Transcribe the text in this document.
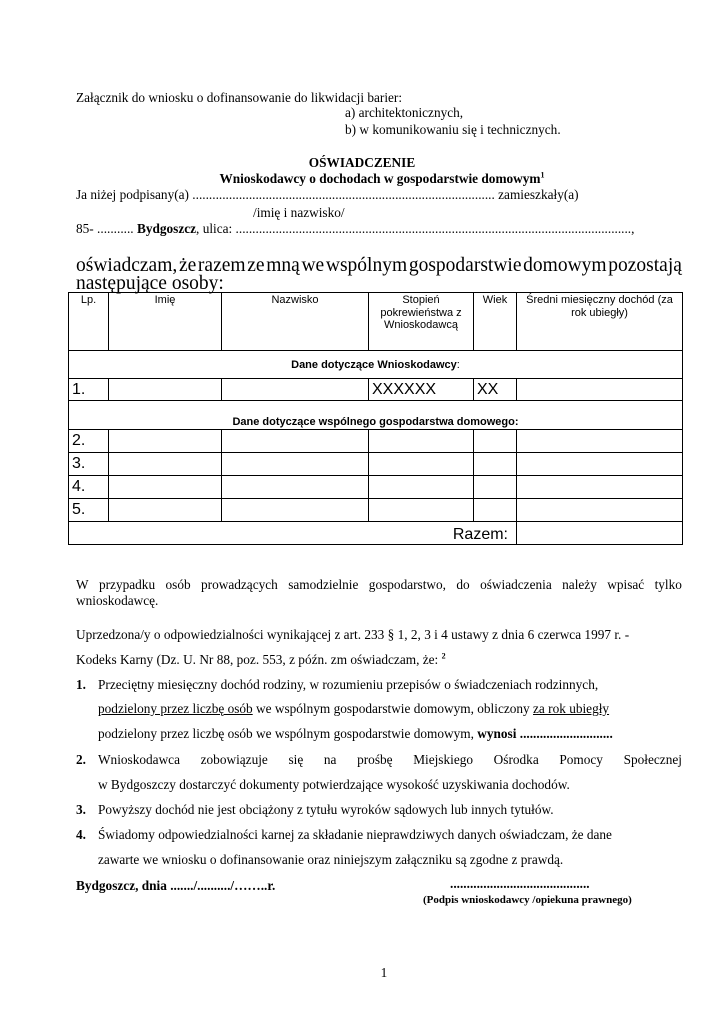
Załącznik do wniosku o dofinansowanie do likwidacji barier:
a) architektonicznych,
b) w komunikowaniu się i technicznych.
OŚWIADCZENIE
Wnioskodawcy o dochodach w gospodarstwie domowym$^1$
Ja niżej podpisany(a) ........................................................................................... zamieszkały(a)
/imię i nazwisko/
85- ........... Bydgoszcz, ulica: .......................................................................................................................,
oświadczam, że razem ze mną we wspólnym gospodarstwie domowym pozostają
następujące osoby:
Lp.	Imię	Nazwisko	Stopień pokrewieństwa z Wnioskodawcą	Wiek	Średni miesięczny dochód (za rok ubiegły)
Dane dotyczące Wnioskodawcy:					
1.			XXXXXX	XX	
Dane dotyczące wspólnego gospodarstwa domowego:					
2.					
3.					
4.					
5.					
Razem:					
W przypadku osób prowadzących samodzielnie gospodarstwo, do oświadczenia należy wpisać tylko
wnioskodawcę.
Uprzedzona/y o odpowiedzialności wynikającej z art. 233 § 1, 2, 3 i 4 ustawy z dnia 6 czerwca 1997 r. -
Kodeks Karny (Dz. U. Nr 88, poz. 553, z późn. zm oświadczam, że: $^2$
1. Przeciętny miesięczny dochód rodziny, w rozumieniu przepisów o świadczeniach rodzinnych,
podzielony przez liczbę osób we wspólnym gospodarstwie domowym, obliczony za rok ubiegły
podzielony przez liczbę osób we wspólnym gospodarstwie domowym, wynosi ............................
2. Wnioskodawca zobowiązuje się na prośbę Miejskiego Ośrodka Pomocy Społecznej
w Bydgoszczy dostarczyć dokumenty potwierdzające wysokość uzyskiwania dochodów.
3. Powyższy dochód nie jest obciążony z tytułu wyroków sądowych lub innych tytułów.
4. Świadomy odpowiedzialności karnej za składanie nieprawdziwych danych oświadczam, że dane
zawarte we wniosku o dofinansowanie oraz niniejszym załączniku są zgodne z prawdą.
Bydgoszcz, dnia ......./........../……..r.	..........................................
(Podpis wnioskodawcy /opiekuna prawnego)
1
